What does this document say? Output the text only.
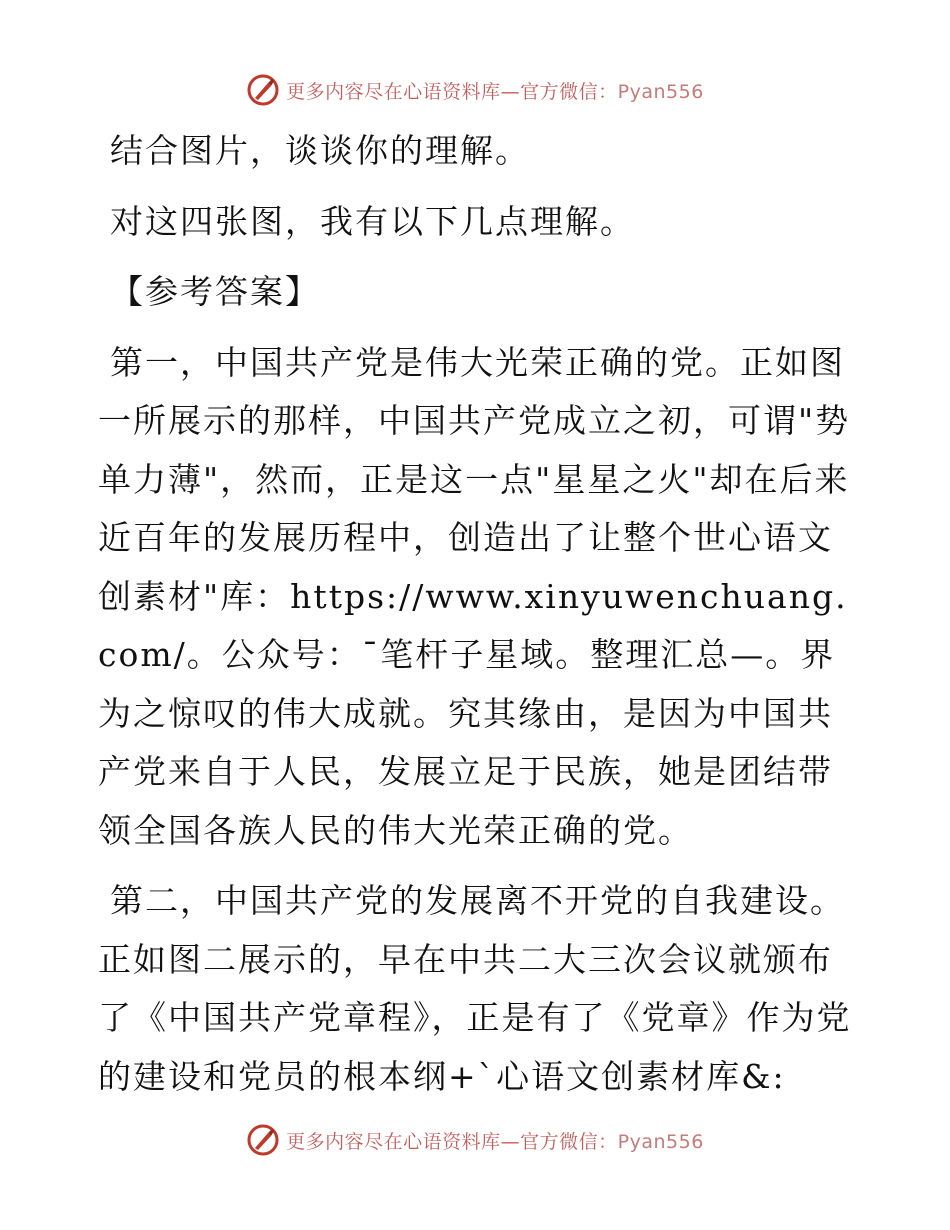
更多内容尽在心语资料库—官方微信：Pyan556

结合图片，谈谈你的理解。

对这四张图，我有以下几点理解。

【参考答案】

第一，中国共产党是伟大光荣正确的党。正如图一所展示的那样，中国共产党成立之初，可谓"势单力薄"，然而，正是这一点"星星之火"却在后来近百年的发展历程中，创造出了让整个世心语文创素材"库：https://www.xinyuwenchuang.com/。公众号：¯笔杆子星域。整理汇总—。界为之惊叹的伟大成就。究其缘由，是因为中国共产党来自于人民，发展立足于民族，她是团结带领全国各族人民的伟大光荣正确的党。

第二，中国共产党的发展离不开党的自我建设。正如图二展示的，早在中共二大三次会议就颁布了《中国共产党章程》，正是有了《党章》作为党的建设和党员的根本纲+`心语文创素材库&:

更多内容尽在心语资料库—官方微信：Pyan556
